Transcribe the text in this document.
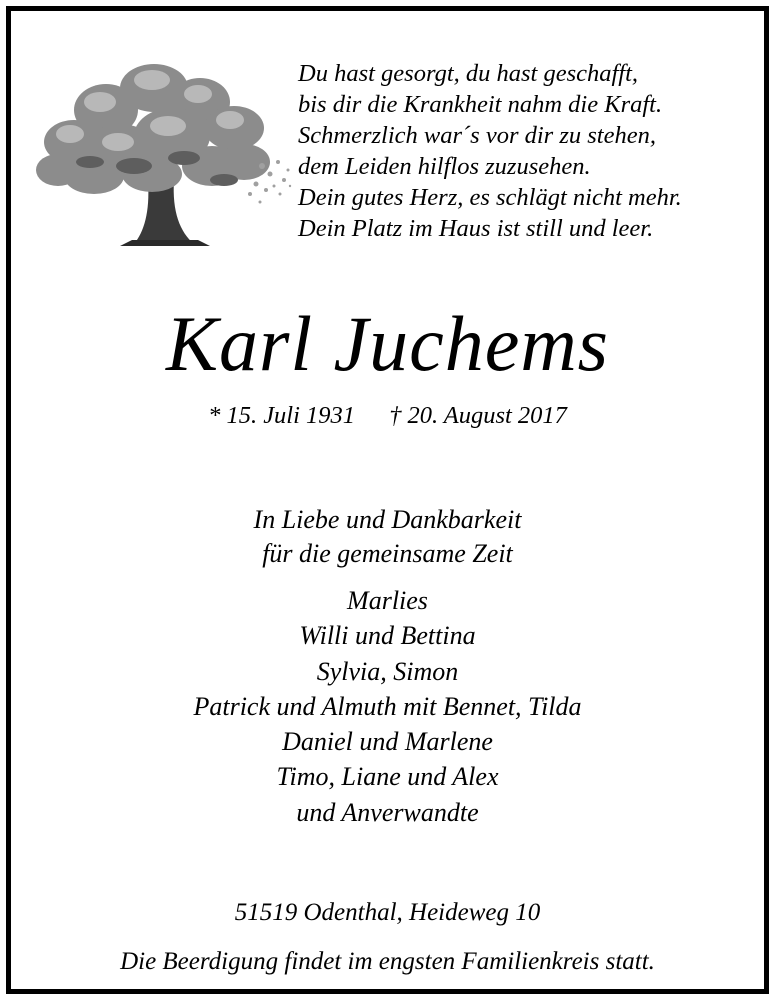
Du hast gesorgt, du hast geschafft,
bis dir die Krankheit nahm die Kraft.
Schmerzlich war´s vor dir zu stehen,
dem Leiden hilflos zuzusehen.
Dein gutes Herz, es schlägt nicht mehr.
Dein Platz im Haus ist still und leer.
Karl Juchems
* 15. Juli 1931 † 20. August 2017
In Liebe und Dankbarkeit
für die gemeinsame Zeit
Marlies
Willi und Bettina
Sylvia, Simon
Patrick und Almuth mit Bennet, Tilda
Daniel und Marlene
Timo, Liane und Alex
und Anverwandte
51519 Odenthal, Heideweg 10
Die Beerdigung findet im engsten Familienkreis statt.
